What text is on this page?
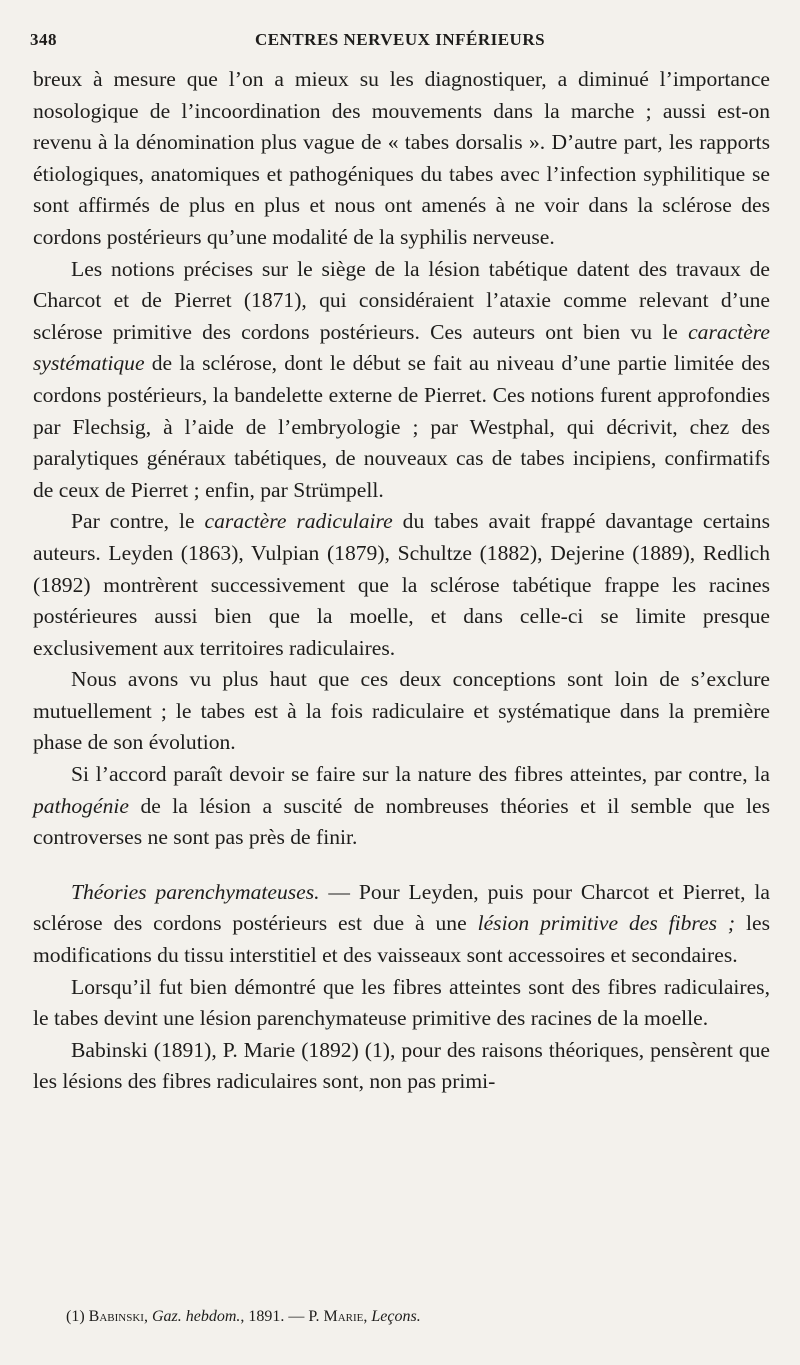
348	CENTRES NERVEUX INFÉRIEURS

breux à mesure que l’on a mieux su les diagnostiquer, a diminué l’importance nosologique de l’incoordination des mouvements dans la marche ; aussi est-on revenu à la dénomination plus vague de « tabes dorsalis ». D’autre part, les rapports étiologiques, anatomiques et pathogéniques du tabes avec l’infection syphilitique se sont affirmés de plus en plus et nous ont amenés à ne voir dans la sclérose des cordons postérieurs qu’une modalité de la syphilis nerveuse.

Les notions précises sur le siège de la lésion tabétique datent des travaux de Charcot et de Pierret (1871), qui considéraient l’ataxie comme relevant d’une sclérose primitive des cordons postérieurs. Ces auteurs ont bien vu le caractère systématique de la sclérose, dont le début se fait au niveau d’une partie limitée des cordons postérieurs, la bandelette externe de Pierret. Ces notions furent approfondies par Flechsig, à l’aide de l’embryologie ; par Westphal, qui décrivit, chez des paralytiques généraux tabétiques, de nouveaux cas de tabes incipiens, confirmatifs de ceux de Pierret ; enfin, par Strümpell.

Par contre, le caractère radiculaire du tabes avait frappé davantage certains auteurs. Leyden (1863), Vulpian (1879), Schultze (1882), Dejerine (1889), Redlich (1892) montrèrent successivement que la sclérose tabétique frappe les racines postérieures aussi bien que la moelle, et dans celle-ci se limite presque exclusivement aux territoires radiculaires.

Nous avons vu plus haut que ces deux conceptions sont loin de s’exclure mutuellement ; le tabes est à la fois radiculaire et systématique dans la première phase de son évolution.

Si l’accord paraît devoir se faire sur la nature des fibres atteintes, par contre, la pathogénie de la lésion a suscité de nombreuses théories et il semble que les controverses ne sont pas près de finir.

Théories parenchymateuses. — Pour Leyden, puis pour Charcot et Pierret, la sclérose des cordons postérieurs est due à une lésion primitive des fibres ; les modifications du tissu interstitiel et des vaisseaux sont accessoires et secondaires.

Lorsqu’il fut bien démontré que les fibres atteintes sont des fibres radiculaires, le tabes devint une lésion parenchymateuse primitive des racines de la moelle.

Babinski (1891), P. Marie (1892) (1), pour des raisons théoriques, pensèrent que les lésions des fibres radiculaires sont, non pas primi-

(1) Babinski, Gaz. hebdom., 1891. — P. Marie, Leçons.
